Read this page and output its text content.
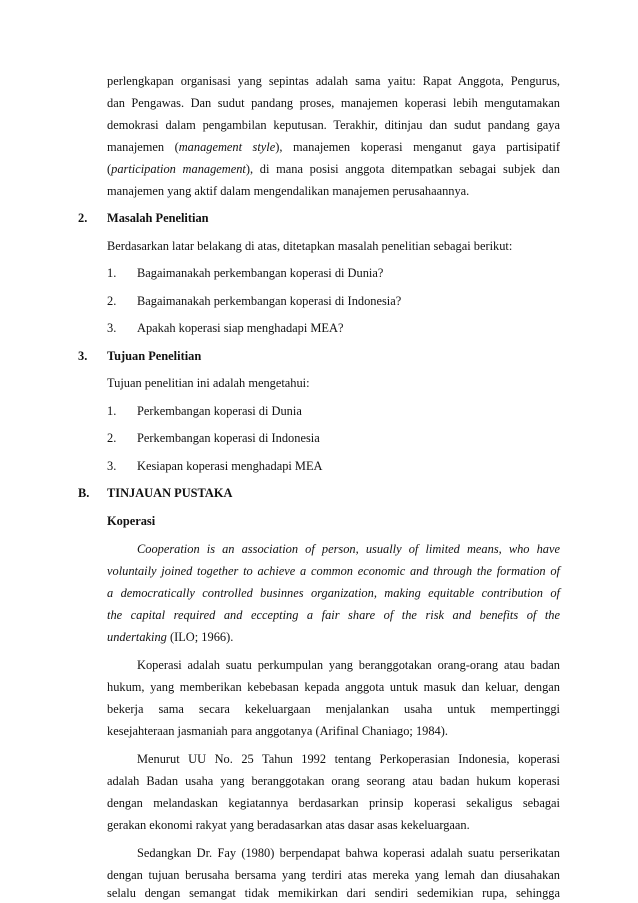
perlengkapan organisasi yang sepintas adalah sama yaitu: Rapat Anggota, Pengurus,
dan Pengawas. Dan sudut pandang proses, manajemen koperasi lebih mengutamakan
demokrasi dalam pengambilan keputusan. Terakhir, ditinjau dan sudut pandang gaya
manajemen (management style), manajemen koperasi menganut gaya partisipatif
(participation management), di mana posisi anggota ditempatkan sebagai subjek dan
manajemen yang aktif dalam mengendalikan manajemen perusahaannya.
2. Masalah Penelitian
Berdasarkan latar belakang di atas, ditetapkan masalah penelitian sebagai berikut:
1. Bagaimanakah perkembangan koperasi di Dunia?
2. Bagaimanakah perkembangan koperasi di Indonesia?
3. Apakah koperasi siap menghadapi MEA?
3. Tujuan Penelitian
Tujuan penelitian ini adalah mengetahui:
1. Perkembangan koperasi di Dunia
2. Perkembangan koperasi di Indonesia
3. Kesiapan koperasi menghadapi MEA
B. TINJAUAN PUSTAKA
Koperasi
Cooperation is an association of person, usually of limited means, who have
voluntaily joined together to achieve a common economic and through the formation of
a democratically controlled businnes organization, making equitable contribution of
the capital required and eccepting a fair share of the risk and benefits of the
undertaking (ILO; 1966).
Koperasi adalah suatu perkumpulan yang beranggotakan orang-orang atau badan
hukum, yang memberikan kebebasan kepada anggota untuk masuk dan keluar, dengan
bekerja sama secara kekeluargaan menjalankan usaha untuk mempertinggi
kesejahteraan jasmaniah para anggotanya (Arifinal Chaniago; 1984).
Menurut UU No. 25 Tahun 1992 tentang Perkoperasian Indonesia, koperasi
adalah Badan usaha yang beranggotakan orang seorang atau badan hukum koperasi
dengan melandaskan kegiatannya berdasarkan prinsip koperasi sekaligus sebagai
gerakan ekonomi rakyat yang beradasarkan atas dasar asas kekeluargaan.
Sedangkan Dr. Fay (1980) berpendapat bahwa koperasi adalah suatu perserikatan
dengan tujuan berusaha bersama yang terdiri atas mereka yang lemah dan diusahakan
selalu dengan semangat tidak memikirkan dari sendiri sedemikian rupa, sehingga
